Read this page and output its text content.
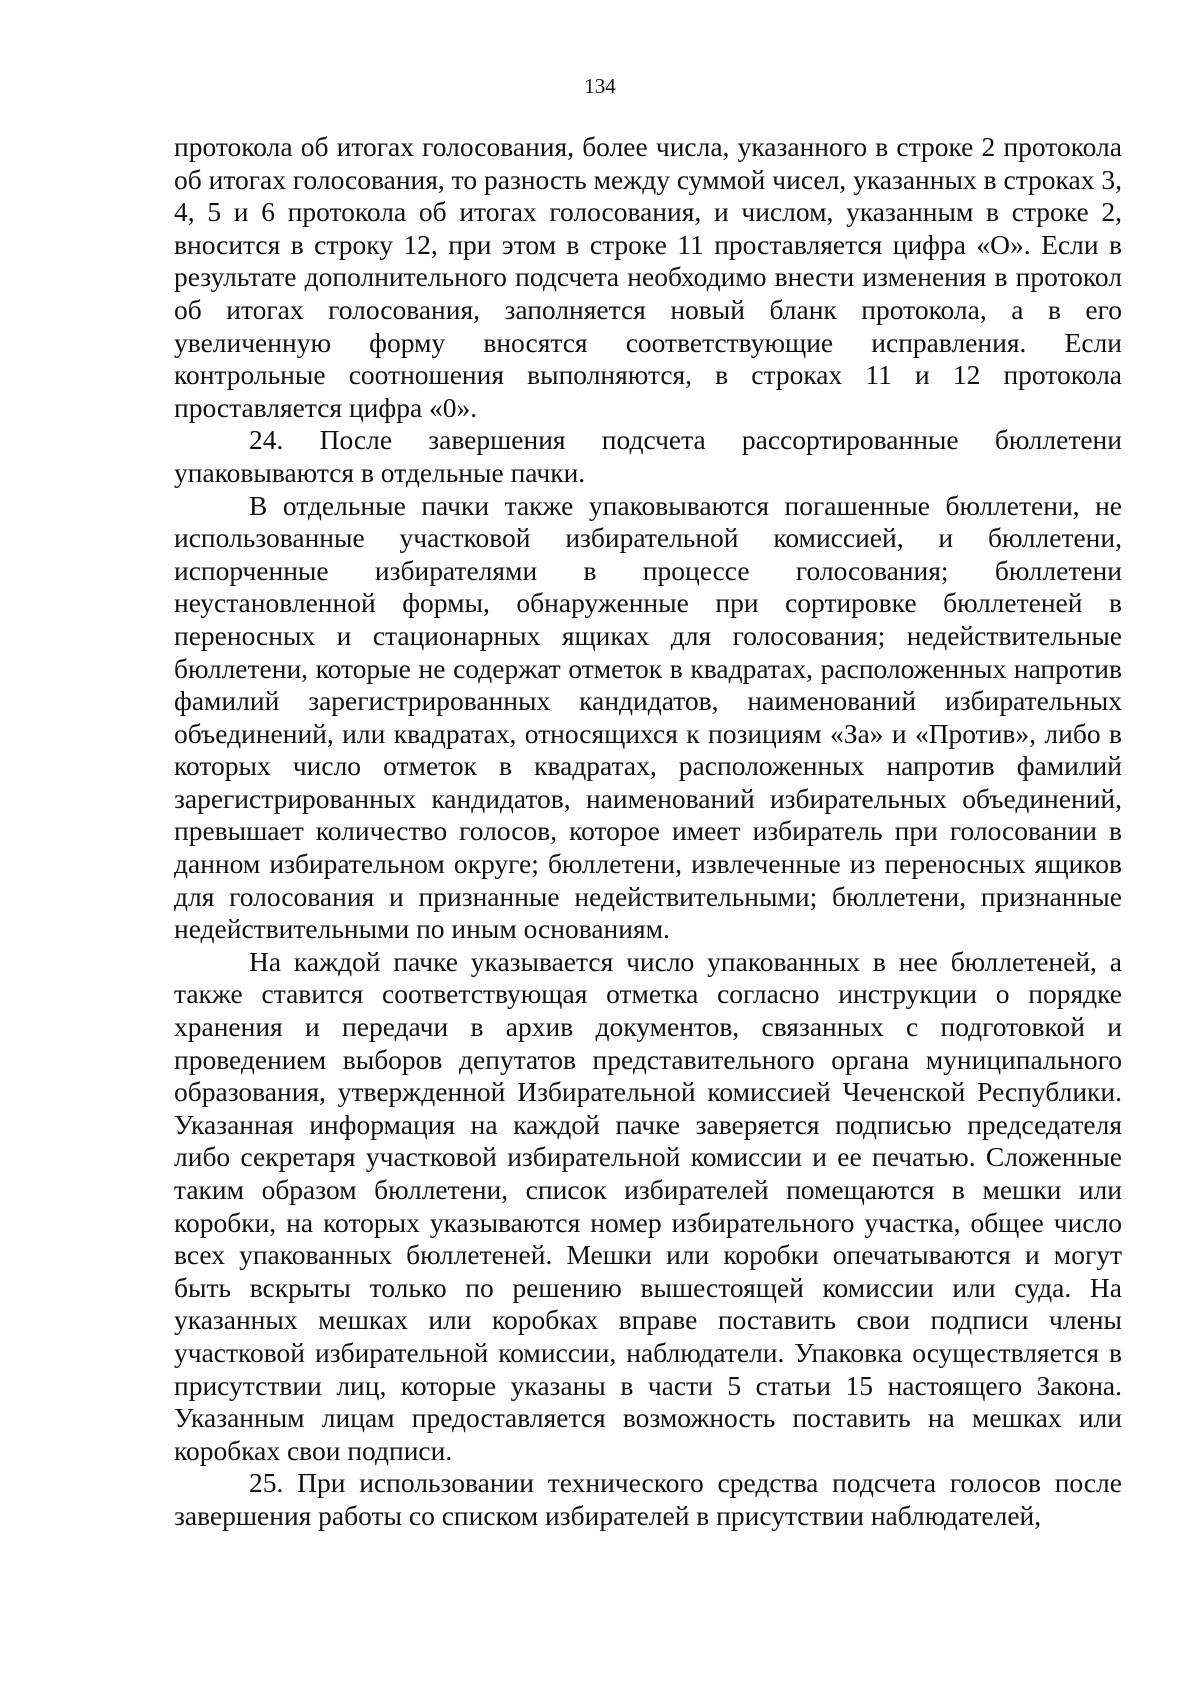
134

протокола об итогах голосования, более числа, указанного в строке 2 протокола об итогах голосования, то разность между суммой чисел, указанных в строках 3, 4, 5 и 6 протокола об итогах голосования, и числом, указанным в строке 2, вносится в строку 12, при этом в строке 11 проставляется цифра «О». Если в результате дополнительного подсчета необходимо внести изменения в протокол об итогах голосования, заполняется новый бланк протокола, а в его увеличенную форму вносятся соответствующие исправления. Если контрольные соотношения выполняются, в строках 11 и 12 протокола проставляется цифра «0».

24. После завершения подсчета рассортированные бюллетени упаковываются в отдельные пачки.

В отдельные пачки также упаковываются погашенные бюллетени, не использованные участковой избирательной комиссией, и бюллетени, испорченные избирателями в процессе голосования; бюллетени неустановленной формы, обнаруженные при сортировке бюллетеней в переносных и стационарных ящиках для голосования; недействительные бюллетени, которые не содержат отметок в квадратах, расположенных напротив фамилий зарегистрированных кандидатов, наименований избирательных объединений, или квадратах, относящихся к позициям «За» и «Против», либо в которых число отметок в квадратах, расположенных напротив фамилий зарегистрированных кандидатов, наименований избирательных объединений, превышает количество голосов, которое имеет избиратель при голосовании в данном избирательном округе; бюллетени, извлеченные из переносных ящиков для голосования и признанные недействительными; бюллетени, признанные недействительными по иным основаниям.

На каждой пачке указывается число упакованных в нее бюллетеней, а также ставится соответствующая отметка согласно инструкции о порядке хранения и передачи в архив документов, связанных с подготовкой и проведением выборов депутатов представительного органа муниципального образования, утвержденной Избирательной комиссией Чеченской Республики. Указанная информация на каждой пачке заверяется подписью председателя либо секретаря участковой избирательной комиссии и ее печатью. Сложенные таким образом бюллетени, список избирателей помещаются в мешки или коробки, на которых указываются номер избирательного участка, общее число всех упакованных бюллетеней. Мешки или коробки опечатываются и могут быть вскрыты только по решению вышестоящей комиссии или суда. На указанных мешках или коробках вправе поставить свои подписи члены участковой избирательной комиссии, наблюдатели. Упаковка осуществляется в присутствии лиц, которые указаны в части 5 статьи 15 настоящего Закона. Указанным лицам предоставляется возможность поставить на мешках или коробках свои подписи.

25. При использовании технического средства подсчета голосов после завершения работы со списком избирателей в присутствии наблюдателей,
